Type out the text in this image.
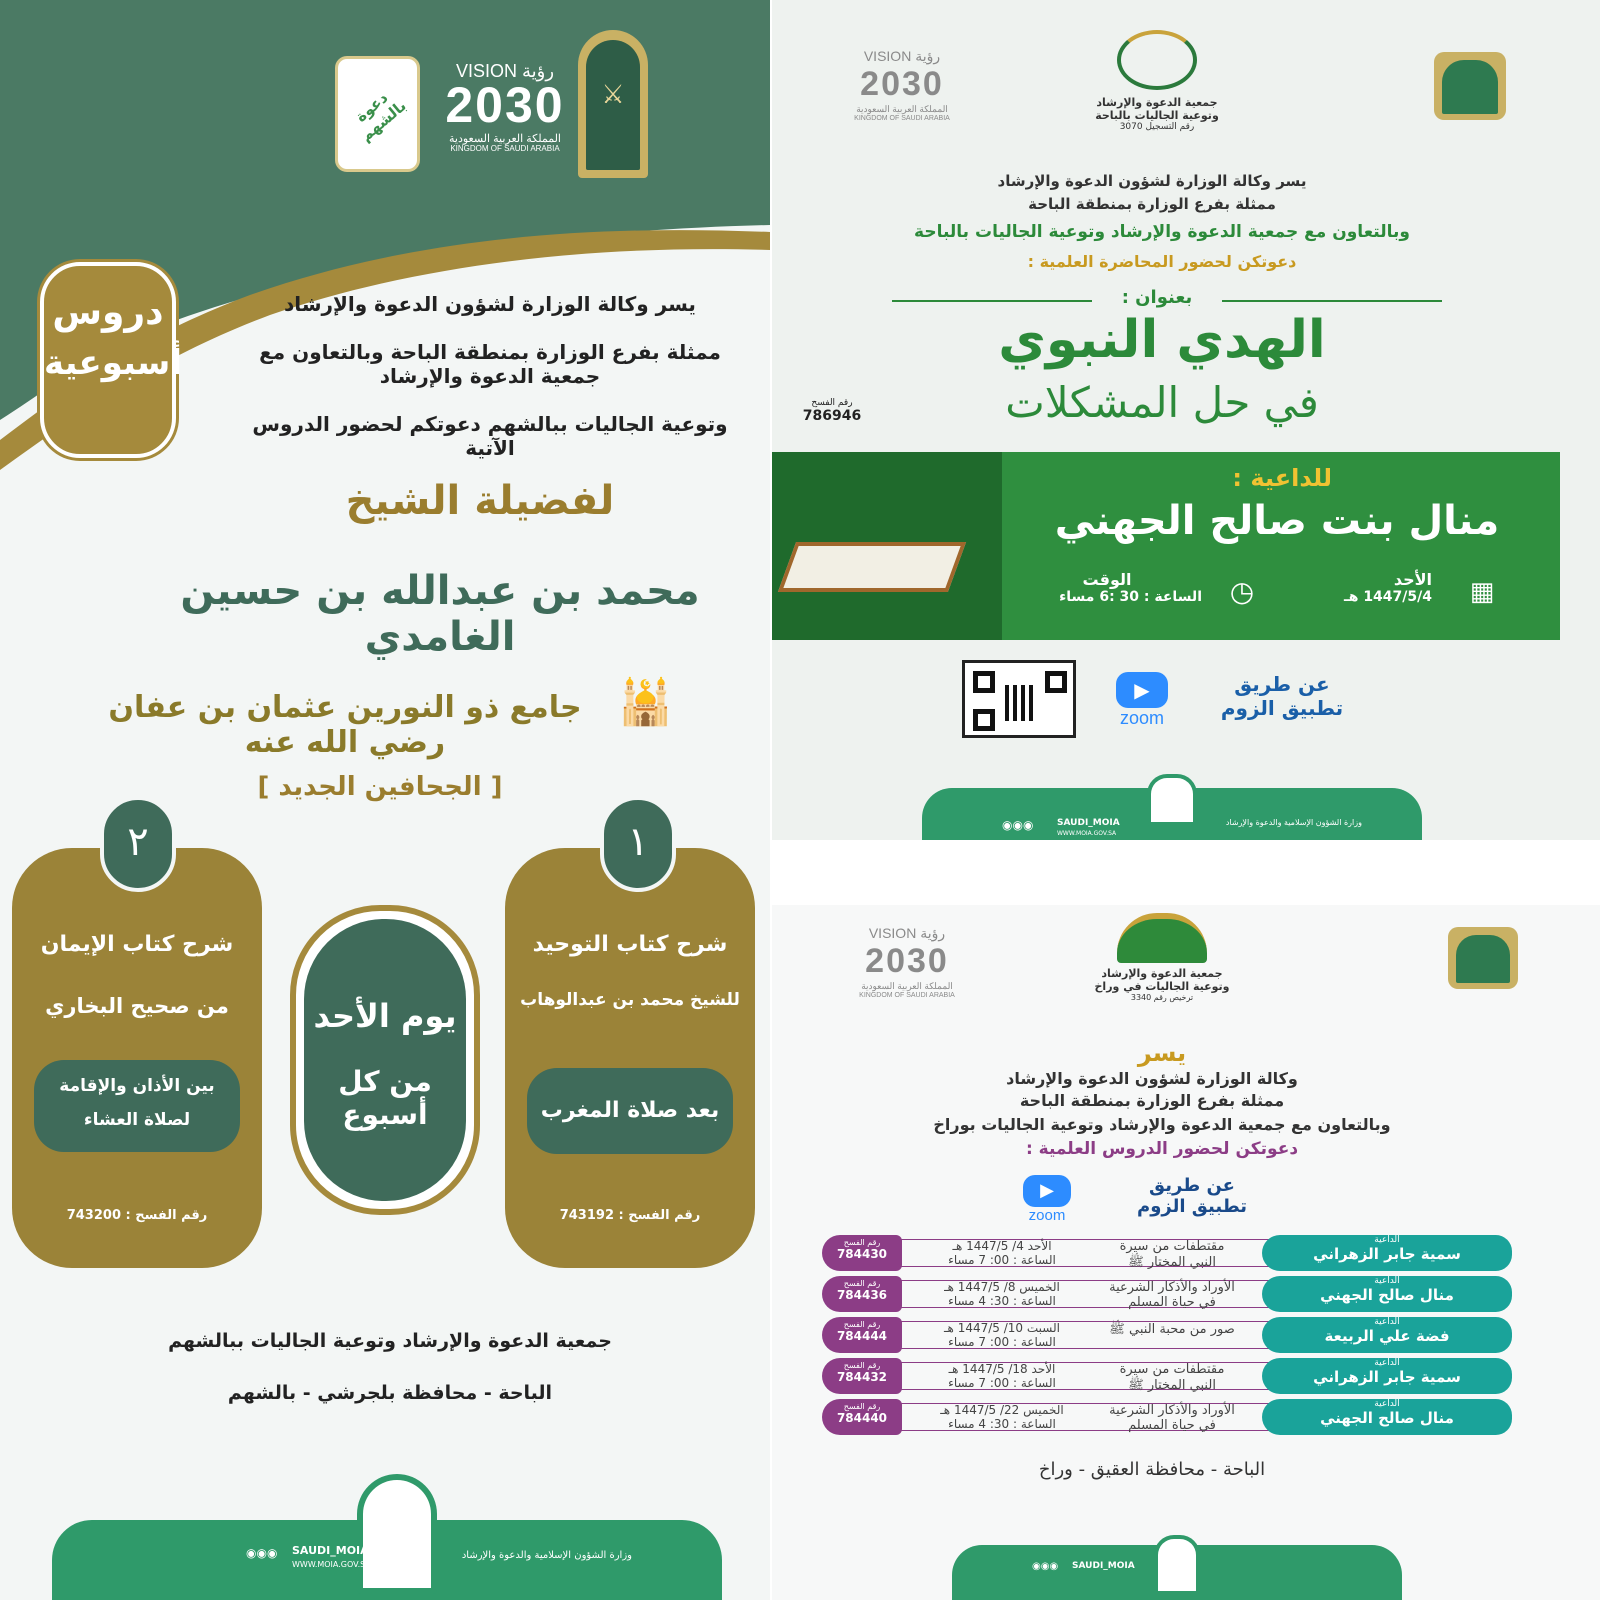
⚔
VISION رؤية
2030
المملكة العربية السعودية
KINGDOM OF SAUDI ARABIA
دعوة بالشهم
دروس
أسبوعية
يسر وكالة الوزارة لشؤون الدعوة والإرشاد
ممثلة بفرع الوزارة بمنطقة الباحة وبالتعاون مع جمعية الدعوة والإرشاد
وتوعية الجاليات ببالشهم دعوتكم لحضور الدروس الآتية
لفضيلة الشيخ
محمد بن عبدالله بن حسين الغامدي
جامع ذو النورين عثمان بن عفان رضي الله عنه
🕌
[ الجحافين الجديد ]
١
شرح كتاب التوحيد
للشيخ محمد بن عبدالوهاب
بعد صلاة المغرب
رقم الفسح : 743192
يوم الأحد
من كل أسبوع
٢
شرح كتاب الإيمان
من صحيح البخاري
بين الأذان والإقامة
لصلاة العشاء
رقم الفسح : 743200
جمعية الدعوة والإرشاد وتوعية الجاليات ببالشهم
الباحة - محافظة بلجرشي - بالشهم
SAUDI_MOIA
WWW.MOIA.GOV.SA
◉◉◉	وزارة الشؤون الإسلامية والدعوة والإرشاد
VISION رؤية
2030
المملكة العربية السعودية
KINGDOM OF SAUDI ARABIA
جمعية الدعوة والإرشاد
وتوعية الجاليات بالباحة
رقم التسجيل 3070
يسر وكالة الوزارة لشؤون الدعوة والإرشاد
ممثلة بفرع الوزارة بمنطقة الباحة
وبالتعاون مع جمعية الدعوة والإرشاد وتوعية الجاليات بالباحة
دعوتكن لحضور المحاضرة العلمية :
بعنوان :
الهدي النبوي
في حل المشكلات
رقم الفسح
786946
للداعية :
منال بنت صالح الجهني
الأحد
1447/5/4 هـ ▦
الوقت
الساعة : 30 :6 مساء ◷
▶
zoom
عن طريق
تطبيق الزوم
◉◉◉	SAUDI_MOIA
WWW.MOIA.GOV.SA
وزارة الشؤون الإسلامية والدعوة والإرشاد
VISION رؤية
2030
المملكة العربية السعودية
KINGDOM OF SAUDI ARABIA
جمعية الدعوة والإرشاد
وتوعية الجاليات في وراخ
ترخيص رقم 3340
يسر
وكالة الوزارة لشؤون الدعوة والإرشاد
ممثلة بفرع الوزارة بمنطقة الباحة
وبالتعاون مع جمعية الدعوة والإرشاد وتوعية الجاليات بوراخ
دعوتكن لحضور الدروس العلمية :
▶
zoom
عن طريق
تطبيق الزوم
رقم الفسح
784430
الأحد 4/ 1447/5 هـ
الساعة : 00: 7 مساء
مقتطفات من سيرة
النبي المختار ﷺ
الداعية
سمية جابر الزهراني
رقم الفسح
784436
الخميس 8/ 1447/5 هـ
الساعة : 30: 4 مساء
الأوراد والأذكار الشرعية
في حياة المسلم
الداعية
منال صالح الجهني
رقم الفسح
784444
السبت 10/ 1447/5 هـ
الساعة : 00: 7 مساء
صور من محبة النبي ﷺ	الداعية
فضة علي الربيعة
رقم الفسح
784432
الأحد 18/ 1447/5 هـ
الساعة : 00: 7 مساء
مقتطفات من سيرة
النبي المختار ﷺ
الداعية
سمية جابر الزهراني
رقم الفسح
784440
الخميس 22/ 1447/5 هـ
الساعة : 30: 4 مساء
الأوراد والأذكار الشرعية
في حياة المسلم
الداعية
منال صالح الجهني
الباحة - محافظة العقيق - وراخ
◉◉◉ SAUDI_MOIA
